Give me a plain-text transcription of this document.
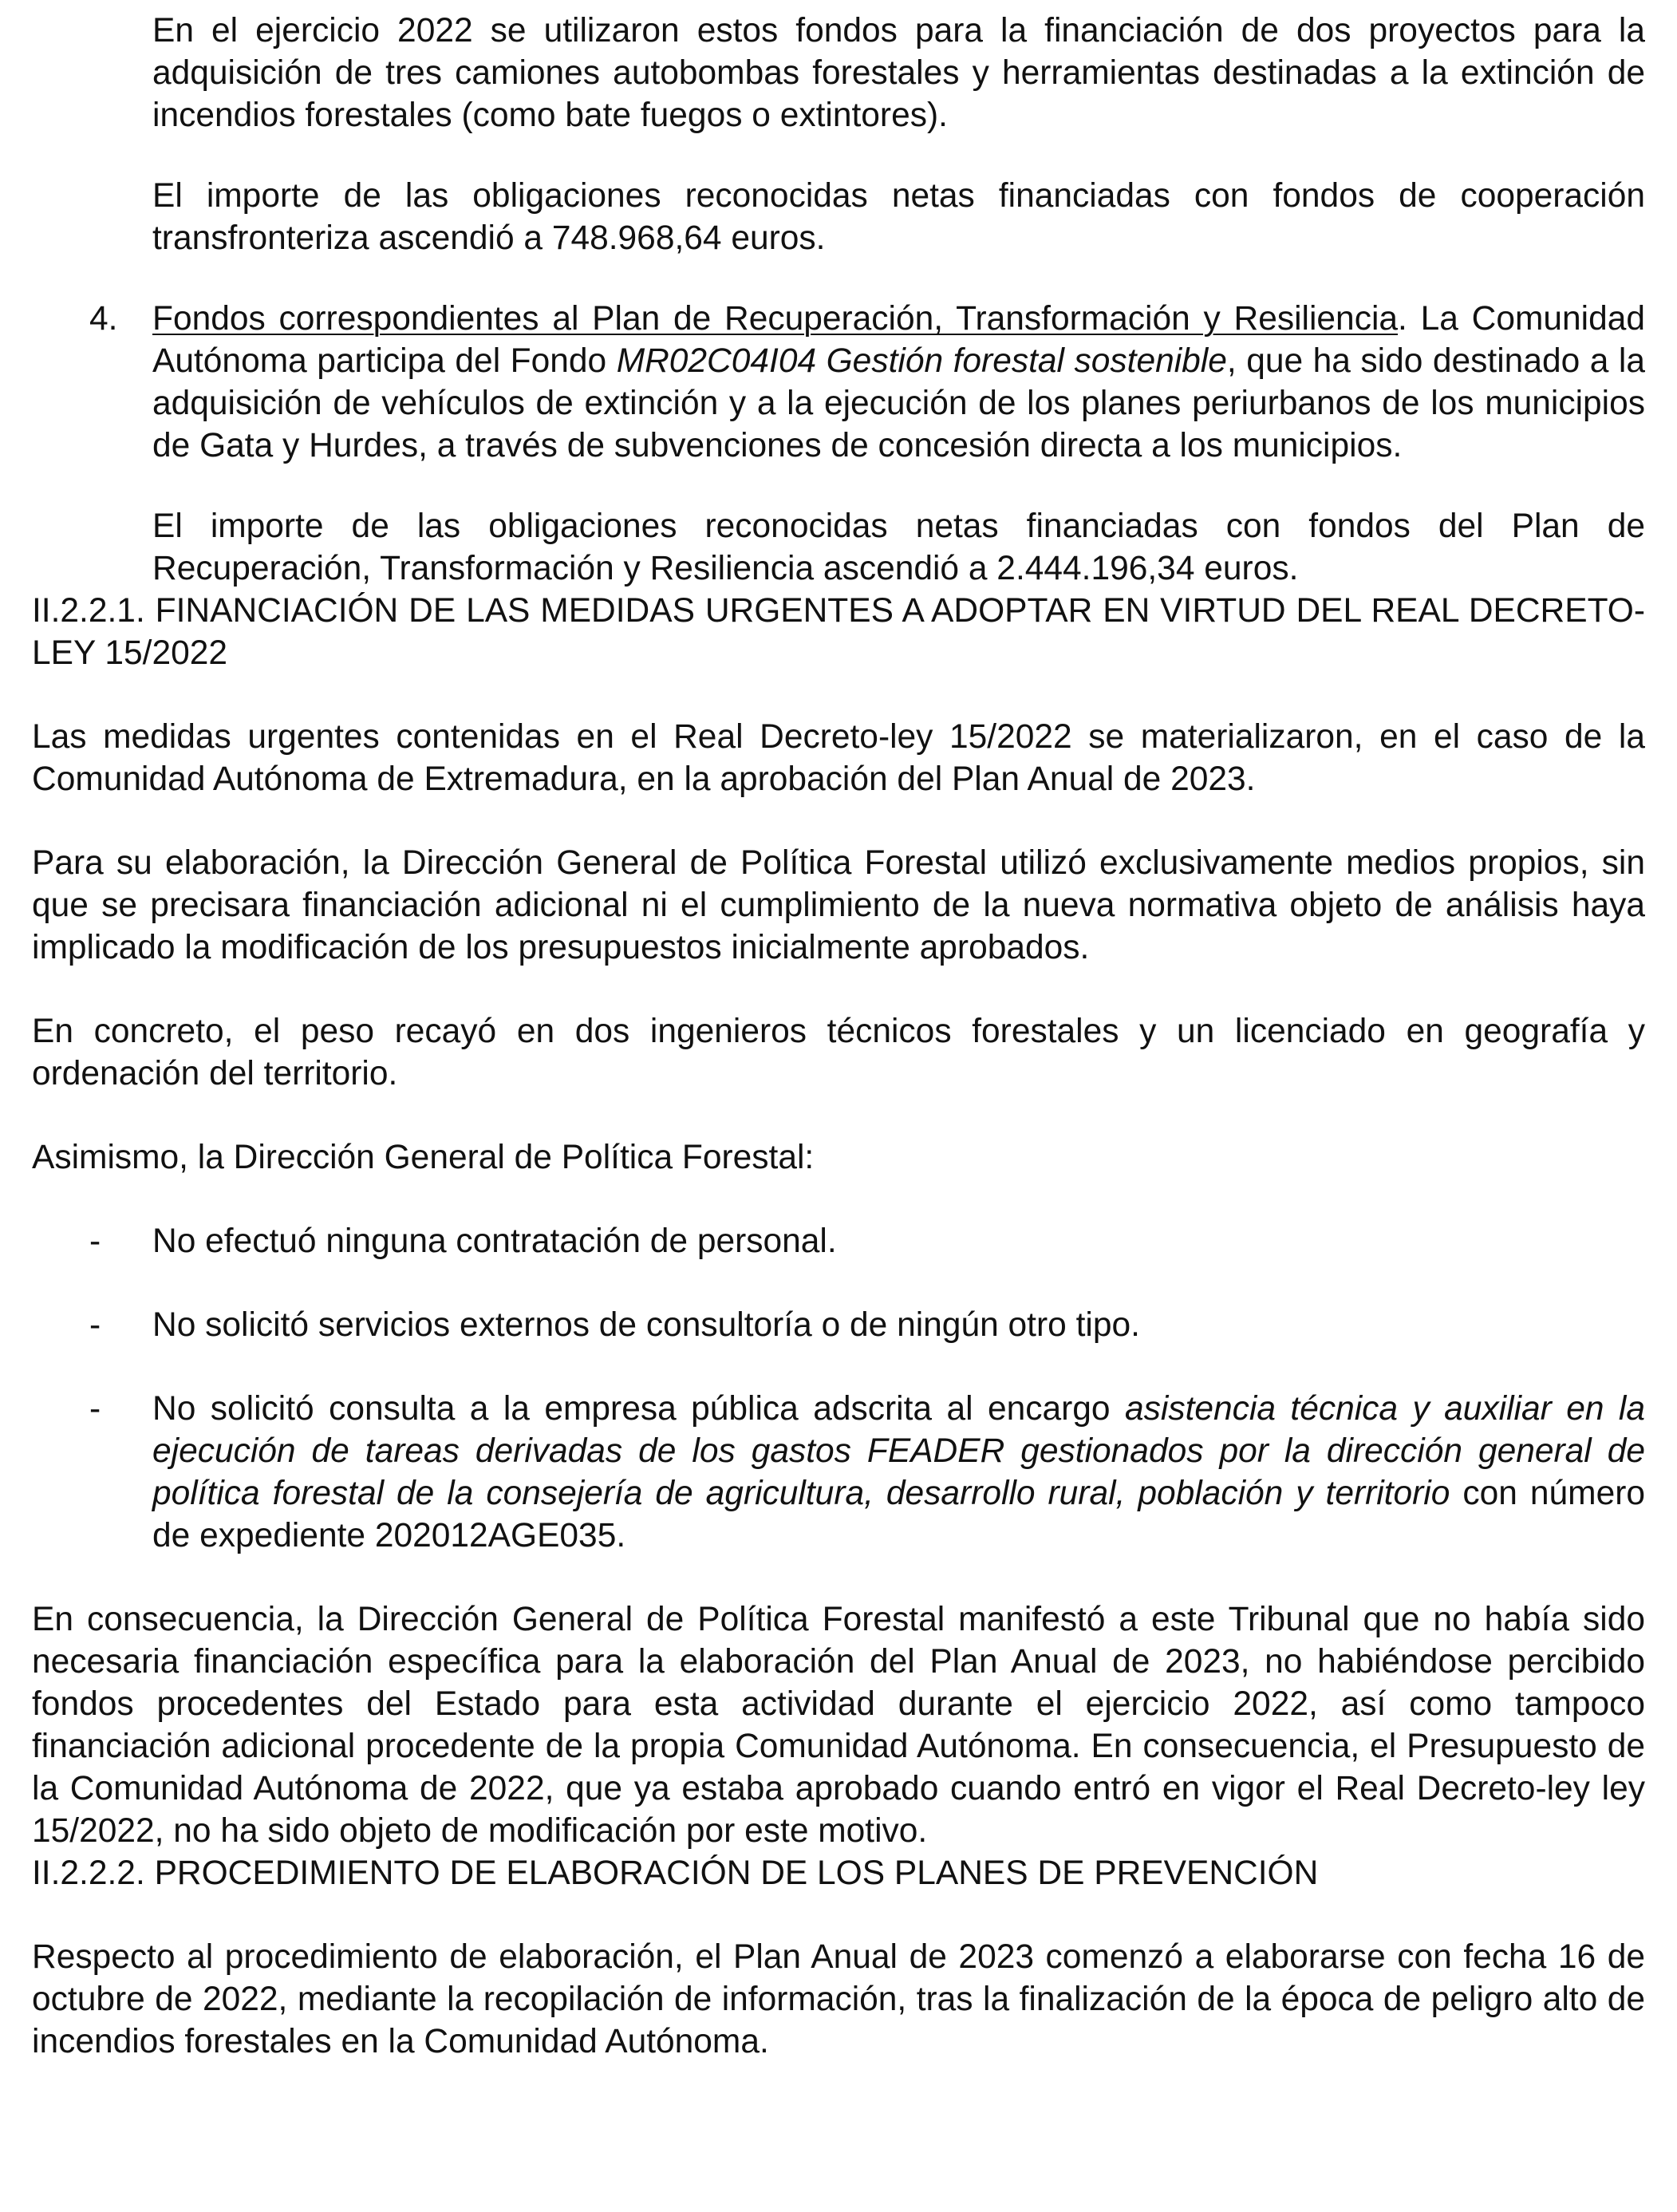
En el ejercicio 2022 se utilizaron estos fondos para la financiación de dos proyectos para la adquisición de tres camiones autobombas forestales y herramientas destinadas a la extinción de incendios forestales (como bate fuegos o extintores).

El importe de las obligaciones reconocidas netas financiadas con fondos de cooperación transfronteriza ascendió a 748.968,64 euros.

4.	Fondos correspondientes al Plan de Recuperación, Transformación y Resiliencia. La Comunidad Autónoma participa del Fondo MR02C04I04 Gestión forestal sostenible, que ha sido destinado a la adquisición de vehículos de extinción y a la ejecución de los planes periurbanos de los municipios de Gata y Hurdes, a través de subvenciones de concesión directa a los municipios.

El importe de las obligaciones reconocidas netas financiadas con fondos del Plan de Recuperación, Transformación y Resiliencia ascendió a 2.444.196,34 euros.

II.2.2.1. FINANCIACIÓN DE LAS MEDIDAS URGENTES A ADOPTAR EN VIRTUD DEL REAL DECRETO-LEY 15/2022

Las medidas urgentes contenidas en el Real Decreto-ley 15/2022 se materializaron, en el caso de la Comunidad Autónoma de Extremadura, en la aprobación del Plan Anual de 2023.

Para su elaboración, la Dirección General de Política Forestal utilizó exclusivamente medios propios, sin que se precisara financiación adicional ni el cumplimiento de la nueva normativa objeto de análisis haya implicado la modificación de los presupuestos inicialmente aprobados.

En concreto, el peso recayó en dos ingenieros técnicos forestales y un licenciado en geografía y ordenación del territorio.

Asimismo, la Dirección General de Política Forestal:

-	No efectuó ninguna contratación de personal.

-	No solicitó servicios externos de consultoría o de ningún otro tipo.

-	No solicitó consulta a la empresa pública adscrita al encargo asistencia técnica y auxiliar en la ejecución de tareas derivadas de los gastos FEADER gestionados por la dirección general de política forestal de la consejería de agricultura, desarrollo rural, población y territorio con número de expediente 202012AGE035.

En consecuencia, la Dirección General de Política Forestal manifestó a este Tribunal que no había sido necesaria financiación específica para la elaboración del Plan Anual de 2023, no habiéndose percibido fondos procedentes del Estado para esta actividad durante el ejercicio 2022, así como tampoco financiación adicional procedente de la propia Comunidad Autónoma. En consecuencia, el Presupuesto de la Comunidad Autónoma de 2022, que ya estaba aprobado cuando entró en vigor el Real Decreto-ley ley 15/2022, no ha sido objeto de modificación por este motivo.

II.2.2.2. PROCEDIMIENTO DE ELABORACIÓN DE LOS PLANES DE PREVENCIÓN

Respecto al procedimiento de elaboración, el Plan Anual de 2023 comenzó a elaborarse con fecha 16 de octubre de 2022, mediante la recopilación de información, tras la finalización de la época de peligro alto de incendios forestales en la Comunidad Autónoma.
